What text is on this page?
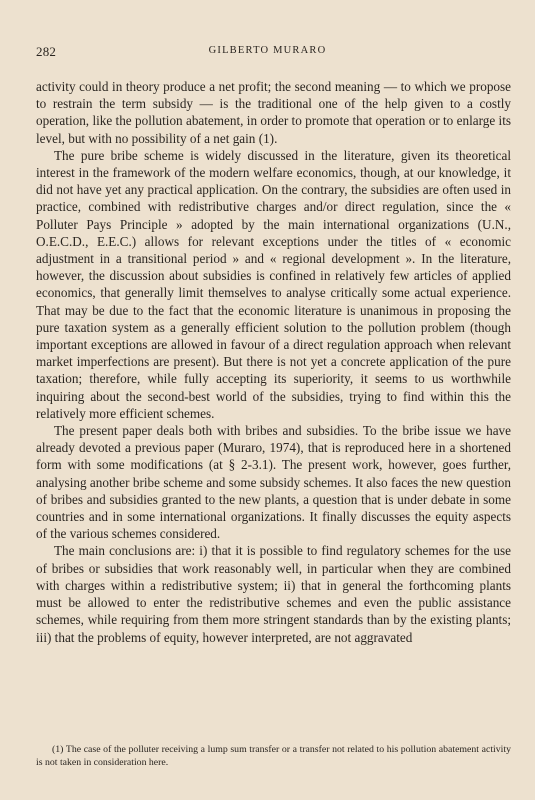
282	GILBERTO MURARO

activity could in theory produce a net profit; the second meaning — to which we propose to restrain the term subsidy — is the traditional one of the help given to a costly operation, like the pollution abatement, in order to promote that operation or to enlarge its level, but with no possibility of a net gain (1).

The pure bribe scheme is widely discussed in the literature, given its theoretical interest in the framework of the modern welfare economics, though, at our knowledge, it did not have yet any practical application. On the contrary, the subsidies are often used in practice, combined with redistributive charges and/or direct regulation, since the « Polluter Pays Principle » adopted by the main international organizations (U.N., O.E.C.D., E.E.C.) allows for relevant exceptions under the titles of « economic adjustment in a transitional period » and « regional development ». In the literature, however, the discussion about subsidies is confined in relatively few articles of applied economics, that generally limit themselves to analyse critically some actual experience. That may be due to the fact that the economic literature is unanimous in proposing the pure taxation system as a generally efficient solution to the pollution problem (though important exceptions are allowed in favour of a direct regulation approach when relevant market imperfections are present). But there is not yet a concrete application of the pure taxation; therefore, while fully accepting its superiority, it seems to us worthwhile inquiring about the second-best world of the subsidies, trying to find within this the relatively more efficient schemes.

The present paper deals both with bribes and subsidies. To the bribe issue we have already devoted a previous paper (Muraro, 1974), that is reproduced here in a shortened form with some modifications (at § 2-3.1). The present work, however, goes further, analysing another bribe scheme and some subsidy schemes. It also faces the new question of bribes and subsidies granted to the new plants, a question that is under debate in some countries and in some international organizations. It finally discusses the equity aspects of the various schemes considered.

The main conclusions are: i) that it is possible to find regulatory schemes for the use of bribes or subsidies that work reasonably well, in particular when they are combined with charges within a redistributive system; ii) that in general the forthcoming plants must be allowed to enter the redistributive schemes and even the public assistance schemes, while requiring from them more stringent standards than by the existing plants; iii) that the problems of equity, however interpreted, are not aggravated

(1) The case of the polluter receiving a lump sum transfer or a transfer not related to his pollution abatement activity is not taken in consideration here.
